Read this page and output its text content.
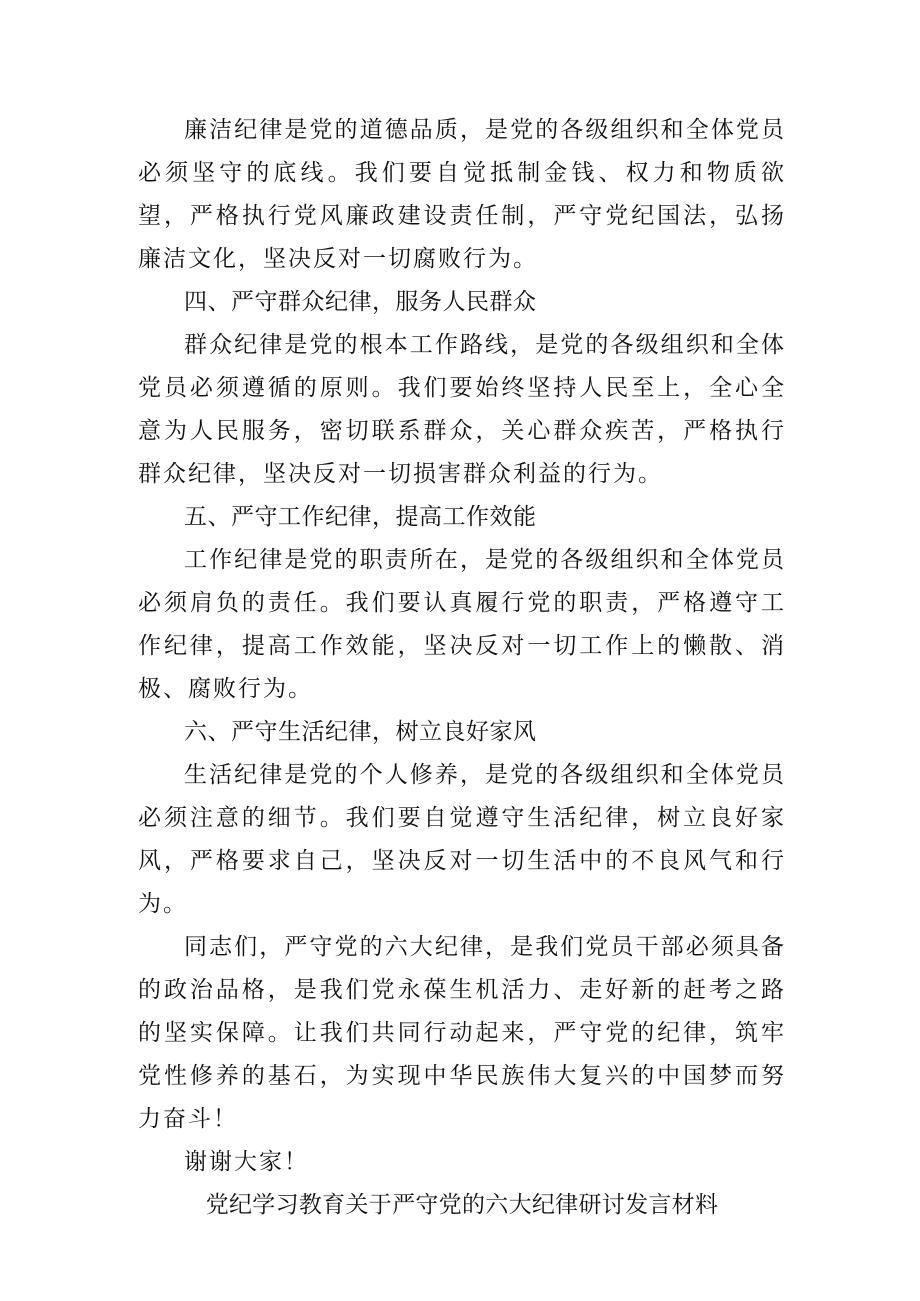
廉洁纪律是党的道德品质，是党的各级组织和全体党员必须坚守的底线。我们要自觉抵制金钱、权力和物质欲望，严格执行党风廉政建设责任制，严守党纪国法，弘扬廉洁文化，坚决反对一切腐败行为。

四、严守群众纪律，服务人民群众

群众纪律是党的根本工作路线，是党的各级组织和全体党员必须遵循的原则。我们要始终坚持人民至上，全心全意为人民服务，密切联系群众，关心群众疾苦，严格执行群众纪律，坚决反对一切损害群众利益的行为。

五、严守工作纪律，提高工作效能

工作纪律是党的职责所在，是党的各级组织和全体党员必须肩负的责任。我们要认真履行党的职责，严格遵守工作纪律，提高工作效能，坚决反对一切工作上的懒散、消极、腐败行为。

六、严守生活纪律，树立良好家风

生活纪律是党的个人修养，是党的各级组织和全体党员必须注意的细节。我们要自觉遵守生活纪律，树立良好家风，严格要求自己，坚决反对一切生活中的不良风气和行为。

同志们，严守党的六大纪律，是我们党员干部必须具备的政治品格，是我们党永葆生机活力、走好新的赶考之路的坚实保障。让我们共同行动起来，严守党的纪律，筑牢党性修养的基石，为实现中华民族伟大复兴的中国梦而努力奋斗！

谢谢大家！

党纪学习教育关于严守党的六大纪律研讨发言材料
